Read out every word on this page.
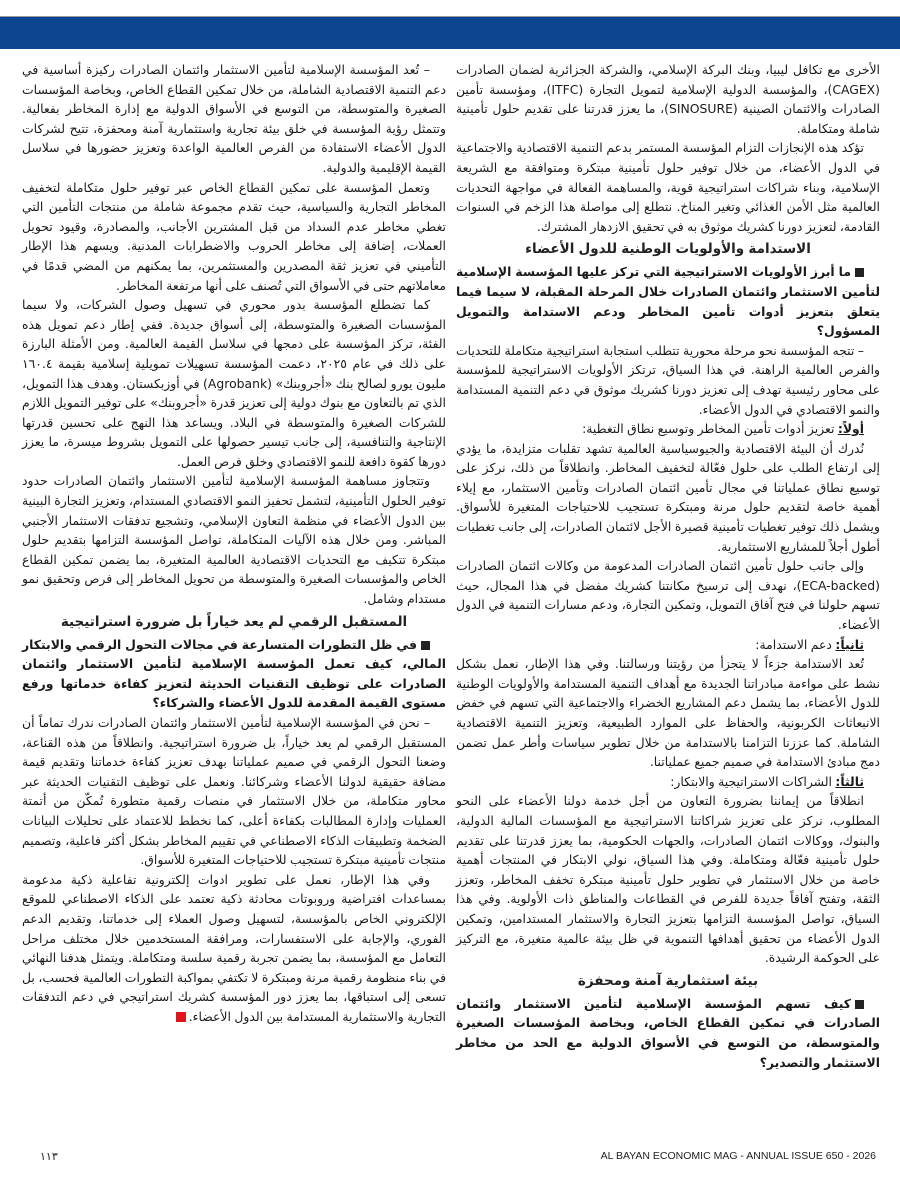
الأخرى مع تكافل ليبيا، وبنك البركة الإسلامي، والشركة الجزائرية لضمان الصادرات (CAGEX)، والمؤسسة الدولية الإسلامية لتمويل التجارة (ITFC)، ومؤسسة تأمين الصادرات والائتمان الصينية (SINOSURE)، ما يعزز قدرتنا على تقديم حلول تأمينية شاملة ومتكاملة.

تؤكد هذه الإنجازات التزام المؤسسة المستمر بدعم التنمية الاقتصادية والاجتماعية في الدول الأعضاء، من خلال توفير حلول تأمينية مبتكرة ومتوافقة مع الشريعة الإسلامية، وبناء شراكات استراتيجية قوية، والمساهمة الفعالة في مواجهة التحديات العالمية مثل الأمن الغذائي وتغير المناخ. نتطلع إلى مواصلة هذا الزخم في السنوات القادمة، لتعزيز دورنا كشريك موثوق به في تحقيق الازدهار المشترك.

الاستدامة والأولويات الوطنية للدول الأعضاء

ما أبرز الأولويات الاستراتيجية التي تركز عليها المؤسسة الإسلامية لتأمين الاستثمار وائتمان الصادرات خلال المرحلة المقبلة، لا سيما فيما يتعلق بتعزيز أدوات تأمين المخاطر ودعم الاستدامة والتمويل المسؤول؟

– تتجه المؤسسة نحو مرحلة محورية تتطلب استجابة استراتيجية متكاملة للتحديات والفرص العالمية الراهنة. في هذا السياق، ترتكز الأولويات الاستراتيجية للمؤسسة على محاور رئيسية تهدف إلى تعزيز دورنا كشريك موثوق في دعم التنمية المستدامة والنمو الاقتصادي في الدول الأعضاء.

أولاً: تعزيز أدوات تأمين المخاطر وتوسيع نطاق التغطية:

نُدرك أن البيئة الاقتصادية والجيوسياسية العالمية تشهد تقلبات متزايدة، ما يؤدي إلى ارتفاع الطلب على حلول فعّالة لتخفيف المخاطر. وانطلاقاً من ذلك، نركز على توسيع نطاق عملياتنا في مجال تأمين ائتمان الصادرات وتأمين الاستثمار، مع إيلاء أهمية خاصة لتقديم حلول مرنة ومبتكرة تستجيب للاحتياجات المتغيرة للأسواق. ويشمل ذلك توفير تغطيات تأمينية قصيرة الأجل لائتمان الصادرات، إلى جانب تغطيات أطول أجلاً للمشاريع الاستثمارية.

وإلى جانب حلول تأمين ائتمان الصادرات المدعومة من وكالات ائتمان الصادرات (ECA-backed)، نهدف إلى ترسيخ مكانتنا كشريك مفضل في هذا المجال، حيث تسهم حلولنا في فتح آفاق التمويل، وتمكين التجارة، ودعم مسارات التنمية في الدول الأعضاء.

ثانياً: دعم الاستدامة:

تُعد الاستدامة جزءاً لا يتجزأ من رؤيتنا ورسالتنا. وفي هذا الإطار، نعمل بشكل نشط على مواءمة مبادراتنا الجديدة مع أهداف التنمية المستدامة والأولويات الوطنية للدول الأعضاء، بما يشمل دعم المشاريع الخضراء والاجتماعية التي تسهم في خفض الانبعاثات الكربونية، والحفاظ على الموارد الطبيعية، وتعزيز التنمية الاقتصادية الشاملة. كما عززنا التزامنا بالاستدامة من خلال تطوير سياسات وأطر عمل تضمن دمج مبادئ الاستدامة في صميم جميع عملياتنا.

ثالثاً: الشراكات الاستراتيجية والابتكار:

انطلاقاً من إيماننا بضرورة التعاون من أجل خدمة دولنا الأعضاء على النحو المطلوب، نركز على تعزيز شراكاتنا الاستراتيجية مع المؤسسات المالية الدولية، والبنوك، ووكالات ائتمان الصادرات، والجهات الحكومية، بما يعزز قدرتنا على تقديم حلول تأمينية فعّالة ومتكاملة. وفي هذا السياق، نولي الابتكار في المنتجات أهمية خاصة من خلال الاستثمار في تطوير حلول تأمينية مبتكرة تخفف المخاطر، وتعزز الثقة، وتفتح آفاقاً جديدة للفرص في القطاعات والمناطق ذات الأولوية. وفي هذا السياق، تواصل المؤسسة التزامها بتعزيز التجارة والاستثمار المستدامين، وتمكين الدول الأعضاء من تحقيق أهدافها التنموية في ظل بيئة عالمية متغيرة، مع التركيز على الحوكمة الرشيدة.

بيئة استثمارية آمنة ومحفزة

كيف تسهم المؤسسة الإسلامية لتأمين الاستثمار وائتمان الصادرات في تمكين القطاع الخاص، وبخاصة المؤسسات الصغيرة والمتوسطة، من التوسع في الأسواق الدولية مع الحد من مخاطر الاستثمار والتصدير؟

– تُعد المؤسسة الإسلامية لتأمين الاستثمار وائتمان الصادرات ركيزة أساسية في دعم التنمية الاقتصادية الشاملة، من خلال تمكين القطاع الخاص، وبخاصة المؤسسات الصغيرة والمتوسطة، من التوسع في الأسواق الدولية مع إدارة المخاطر بفعالية. وتتمثل رؤية المؤسسة في خلق بيئة تجارية واستثمارية آمنة ومحفزة، تتيح لشركات الدول الأعضاء الاستفادة من الفرص العالمية الواعدة وتعزيز حضورها في سلاسل القيمة الإقليمية والدولية.

وتعمل المؤسسة على تمكين القطاع الخاص عبر توفير حلول متكاملة لتخفيف المخاطر التجارية والسياسية، حيث تقدم مجموعة شاملة من منتجات التأمين التي تغطي مخاطر عدم السداد من قبل المشترين الأجانب، والمصادرة، وقيود تحويل العملات، إضافة إلى مخاطر الحروب والاضطرابات المدنية. ويسهم هذا الإطار التأميني في تعزيز ثقة المصدرين والمستثمرين، بما يمكنهم من المضي قدمًا في معاملاتهم حتى في الأسواق التي تُصنف على أنها مرتفعة المخاطر.

كما تضطلع المؤسسة بدور محوري في تسهيل وصول الشركات، ولا سيما المؤسسات الصغيرة والمتوسطة، إلى أسواق جديدة. ففي إطار دعم تمويل هذه الفئة، تركز المؤسسة على دمجها في سلاسل القيمة العالمية. ومن الأمثلة البارزة على ذلك في عام ٢٠٢٥، دعمت المؤسسة تسهيلات تمويلية إسلامية بقيمة ١٦٠.٤ مليون يورو لصالح بنك «أجروبنك» (Agrobank) في أوزبكستان. وهدف هذا التمويل، الذي تم بالتعاون مع بنوك دولية إلى تعزيز قدرة «أجروبنك» على توفير التمويل اللازم للشركات الصغيرة والمتوسطة في البلاد. ويساعد هذا النهج على تحسين قدرتها الإنتاجية والتنافسية، إلى جانب تيسير حصولها على التمويل بشروط ميسرة، ما يعزز دورها كقوة دافعة للنمو الاقتصادي وخلق فرص العمل.

وتتجاوز مساهمة المؤسسة الإسلامية لتأمين الاستثمار وائتمان الصادرات حدود توفير الحلول التأمينية، لتشمل تحفيز النمو الاقتصادي المستدام، وتعزيز التجارة البينية بين الدول الأعضاء في منظمة التعاون الإسلامي، وتشجيع تدفقات الاستثمار الأجنبي المباشر. ومن خلال هذه الآليات المتكاملة، تواصل المؤسسة التزامها بتقديم حلول مبتكرة تتكيف مع التحديات الاقتصادية العالمية المتغيرة، بما يضمن تمكين القطاع الخاص والمؤسسات الصغيرة والمتوسطة من تحويل المخاطر إلى فرص وتحقيق نمو مستدام وشامل.

المستقبل الرقمي لم يعد خياراً بل ضرورة استراتيجية

في ظل التطورات المتسارعة في مجالات التحول الرقمي والابتكار المالي، كيف تعمل المؤسسة الإسلامية لتأمين الاستثمار وائتمان الصادرات على توظيف التقنيات الحديثة لتعزيز كفاءة خدماتها ورفع مستوى القيمة المقدمة للدول الأعضاء والشركاء؟

– نحن في المؤسسة الإسلامية لتأمين الاستثمار وائتمان الصادرات ندرك تماماً أن المستقبل الرقمي لم يعد خياراً، بل ضرورة استراتيجية. وانطلاقاً من هذه القناعة، وضعنا التحول الرقمي في صميم عملياتنا بهدف تعزيز كفاءة خدماتنا وتقديم قيمة مضافة حقيقية لدولنا الأعضاء وشركائنا. ونعمل على توظيف التقنيات الحديثة عبر محاور متكاملة، من خلال الاستثمار في منصات رقمية متطورة تُمكّن من أتمتة العمليات وإدارة المطالبات بكفاءة أعلى، كما نخطط للاعتماد على تحليلات البيانات الضخمة وتطبيقات الذكاء الاصطناعي في تقييم المخاطر بشكل أكثر فاعلية، وتصميم منتجات تأمينية مبتكرة تستجيب للاحتياجات المتغيرة للأسواق.

وفي هذا الإطار، نعمل على تطوير ادوات إلكترونية تفاعلية ذكية مدعومة بمساعدات افتراضية وروبوتات محادثة ذكية تعتمد على الذكاء الاصطناعي للموقع الإلكتروني الخاص بالمؤسسة، لتسهيل وصول العملاء إلى خدماتنا، وتقديم الدعم الفوري، والإجابة على الاستفسارات، ومرافقة المستخدمين خلال مختلف مراحل التعامل مع المؤسسة، بما يضمن تجربة رقمية سلسة ومتكاملة. ويتمثل هدفنا النهائي في بناء منظومة رقمية مرنة ومبتكرة لا تكتفي بمواكبة التطورات العالمية فحسب، بل تسعى إلى استباقها، بما يعزز دور المؤسسة كشريك استراتيجي في دعم التدفقات التجارية والاستثمارية المستدامة بين الدول الأعضاء.

AL BAYAN ECONOMIC MAG - ANNUAL ISSUE 650 - 2026
١١٣
